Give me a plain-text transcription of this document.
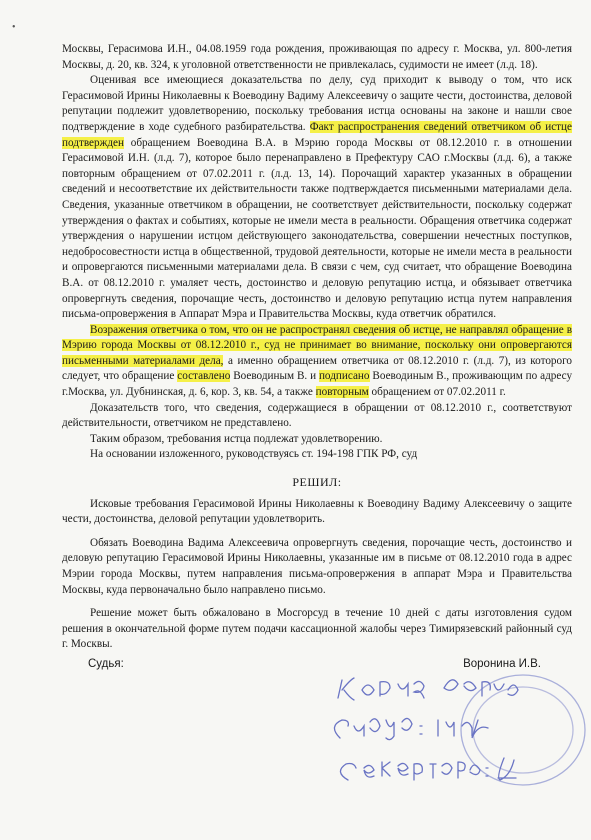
•

Москвы, Герасимова И.Н., 04.08.1959 года рождения, проживающая по адресу г. Москва, ул. 800-летия Москвы, д. 20, кв. 324, к уголовной ответственности не привлекалась, судимости не имеет (л.д. 18).

Оценивая все имеющиеся доказательства по делу, суд приходит к выводу о том, что иск Герасимовой Ирины Николаевны к Воеводину Вадиму Алексеевичу о защите чести, достоинства, деловой репутации подлежит удовлетворению, поскольку требования истца основаны на законе и нашли свое подтверждение в ходе судебного разбирательства. Факт распространения сведений ответчиком об истце подтвержден обращением Воеводина В.А. в Мэрию города Москвы от 08.12.2010 г. в отношении Герасимовой И.Н. (л.д. 7), которое было перенаправлено в Префектуру САО г.Москвы (л.д. 6), а также повторным обращением от 07.02.2011 г. (л.д. 13, 14). Порочащий характер указанных в обращении сведений и несоответствие их действительности также подтверждается письменными материалами дела. Сведения, указанные ответчиком в обращении, не соответствует действительности, поскольку содержат утверждения о фактах и событиях, которые не имели места в реальности. Обращения ответчика содержат утверждения о нарушении истцом действующего законодательства, совершении нечестных поступков, недобросовестности истца в общественной, трудовой деятельности, которые не имели места в реальности и опровергаются письменными материалами дела. В связи с чем, суд считает, что обращение Воеводина В.А. от 08.12.2010 г. умаляет честь, достоинство и деловую репутацию истца, и обязывает ответчика опровергнуть сведения, порочащие честь, достоинство и деловую репутацию истца путем направления письма-опровержения в Аппарат Мэра и Правительства Москвы, куда ответчик обратился.

Возражения ответчика о том, что он не распространял сведения об истце, не направлял обращение в Мэрию города Москвы от 08.12.2010 г., суд не принимает во внимание, поскольку они опровергаются письменными материалами дела, а именно обращением ответчика от 08.12.2010 г. (л.д. 7), из которого следует, что обращение составлено Воеводиным В. и подписано Воеводиным В., проживающим по адресу г.Москва, ул. Дубнинская, д. 6, кор. 3, кв. 54, а также повторным обращением от 07.02.2011 г.

Доказательств того, что сведения, содержащиеся в обращении от 08.12.2010 г., соответствуют действительности, ответчиком не представлено.

Таким образом, требования истца подлежат удовлетворению.

На основании изложенного, руководствуясь ст. 194-198 ГПК РФ, суд

РЕШИЛ:

Исковые требования Герасимовой Ирины Николаевны к Воеводину Вадиму Алексеевичу о защите чести, достоинства, деловой репутации удовлетворить.

Обязать Воеводина Вадима Алексеевича опровергнуть сведения, порочащие честь, достоинство и деловую репутацию Герасимовой Ирины Николаевны, указанные им в письме от 08.12.2010 года в адрес Мэрии города Москвы, путем направления письма-опровержения в аппарат Мэра и Правительства Москвы, куда первоначально было направлено письмо.

Решение может быть обжаловано в Мосгорсуд в течение 10 дней с даты изготовления судом решения в окончательной форме путем подачи кассационной жалобы через Тимирязевский районный суд г. Москвы.

Судья:	Воронина И.В.
